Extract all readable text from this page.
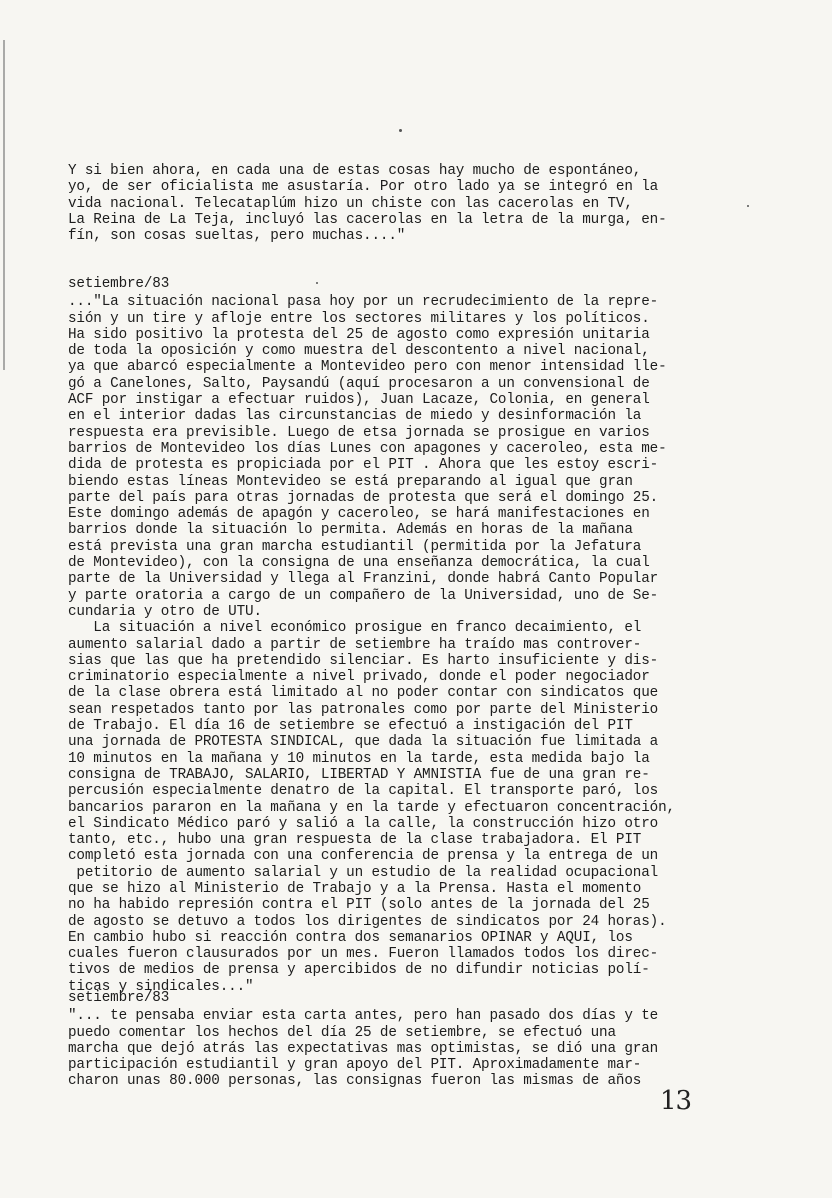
Y si bien ahora, en cada una de estas cosas hay mucho de espontáneo,
yo, de ser oficialista me asustaría. Por otro lado ya se integró en la
vida nacional. Telecataplúm hizo un chiste con las cacerolas en TV,
La Reina de La Teja, incluyó las cacerolas en la letra de la murga, en-
fín, son cosas sueltas, pero muchas...."
setiembre/83
..."La situación nacional pasa hoy por un recrudecimiento de la repre-
sión y un tire y afloje entre los sectores militares y los políticos.
Ha sido positivo la protesta del 25 de agosto como expresión unitaria
de toda la oposición y como muestra del descontento a nivel nacional,
ya que abarcó especialmente a Montevideo pero con menor intensidad lle-
gó a Canelones, Salto, Paysandú (aquí procesaron a un convensional de
ACF por instigar a efectuar ruidos), Juan Lacaze, Colonia, en general
en el interior dadas las circunstancias de miedo y desinformación la
respuesta era previsible. Luego de etsa jornada se prosigue en varios
barrios de Montevideo los días Lunes con apagones y caceroleo, esta me-
dida de protesta es propiciada por el PIT . Ahora que les estoy escri-
biendo estas líneas Montevideo se está preparando al igual que gran
parte del país para otras jornadas de protesta que será el domingo 25.
Este domingo además de apagón y caceroleo, se hará manifestaciones en
barrios donde la situación lo permita. Además en horas de la mañana
está prevista una gran marcha estudiantil (permitida por la Jefatura
de Montevideo), con la consigna de una enseñanza democrática, la cual
parte de la Universidad y llega al Franzini, donde habrá Canto Popular
y parte oratoria a cargo de un compañero de la Universidad, uno de Se-
cundaria y otro de UTU.
La situación a nivel económico prosigue en franco decaimiento, el
aumento salarial dado a partir de setiembre ha traído mas controver-
sias que las que ha pretendido silenciar. Es harto insuficiente y dis-
criminatorio especialmente a nivel privado, donde el poder negociador
de la clase obrera está limitado al no poder contar con sindicatos que
sean respetados tanto por las patronales como por parte del Ministerio
de Trabajo. El día 16 de setiembre se efectuó a instigación del PIT
una jornada de PROTESTA SINDICAL, que dada la situación fue limitada a
10 minutos en la mañana y 10 minutos en la tarde, esta medida bajo la
consigna de TRABAJO, SALARIO, LIBERTAD Y AMNISTIA fue de una gran re-
percusión especialmente denatro de la capital. El transporte paró, los
bancarios pararon en la mañana y en la tarde y efectuaron concentración,
el Sindicato Médico paró y salió a la calle, la construcción hizo otro
tanto, etc., hubo una gran respuesta de la clase trabajadora. El PIT
completó esta jornada con una conferencia de prensa y la entrega de un
petitorio de aumento salarial y un estudio de la realidad ocupacional
que se hizo al Ministerio de Trabajo y a la Prensa. Hasta el momento
no ha habido represión contra el PIT (solo antes de la jornada del 25
de agosto se detuvo a todos los dirigentes de sindicatos por 24 horas).
En cambio hubo si reacción contra dos semanarios OPINAR y AQUI, los
cuales fueron clausurados por un mes. Fueron llamados todos los direc-
tivos de medios de prensa y apercibidos de no difundir noticias polí-
ticas y sindicales..."
setiembre/83
"... te pensaba enviar esta carta antes, pero han pasado dos días y te
puedo comentar los hechos del día 25 de setiembre, se efectuó una
marcha que dejó atrás las expectativas mas optimistas, se dió una gran
participación estudiantil y gran apoyo del PIT. Aproximadamente mar-
charon unas 80.000 personas, las consignas fueron las mismas de años
13
